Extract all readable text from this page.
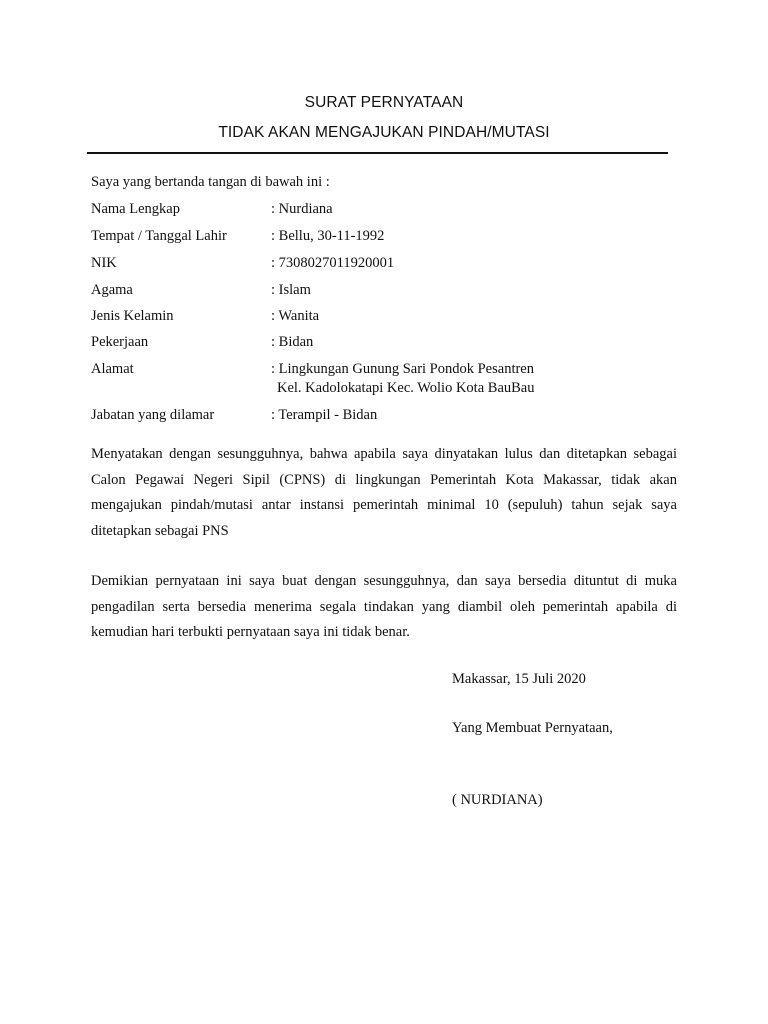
SURAT PERNYATAAN
TIDAK AKAN MENGAJUKAN PINDAH/MUTASI
Saya yang bertanda tangan di bawah ini :
Nama Lengkap	: Nurdiana
Tempat / Tanggal Lahir	: Bellu, 30-11-1992
NIK	: 7308027011920001
Agama	: Islam
Jenis Kelamin	: Wanita
Pekerjaan	: Bidan
Alamat	: Lingkungan Gunung Sari Pondok Pesantren
Kel. Kadolokatapi Kec. Wolio Kota BauBau
Jabatan yang dilamar	: Terampil - Bidan
Menyatakan dengan sesungguhnya, bahwa apabila saya dinyatakan lulus dan ditetapkan sebagai Calon Pegawai Negeri Sipil (CPNS) di lingkungan Pemerintah Kota Makassar, tidak akan mengajukan pindah/mutasi antar instansi pemerintah minimal 10 (sepuluh) tahun sejak saya ditetapkan sebagai PNS
Demikian pernyataan ini saya buat dengan sesungguhnya, dan saya bersedia dituntut di muka pengadilan serta bersedia menerima segala tindakan yang diambil oleh pemerintah apabila di kemudian hari terbukti pernyataan saya ini tidak benar.
Makassar, 15 Juli 2020
Yang Membuat Pernyataan,
( NURDIANA)
